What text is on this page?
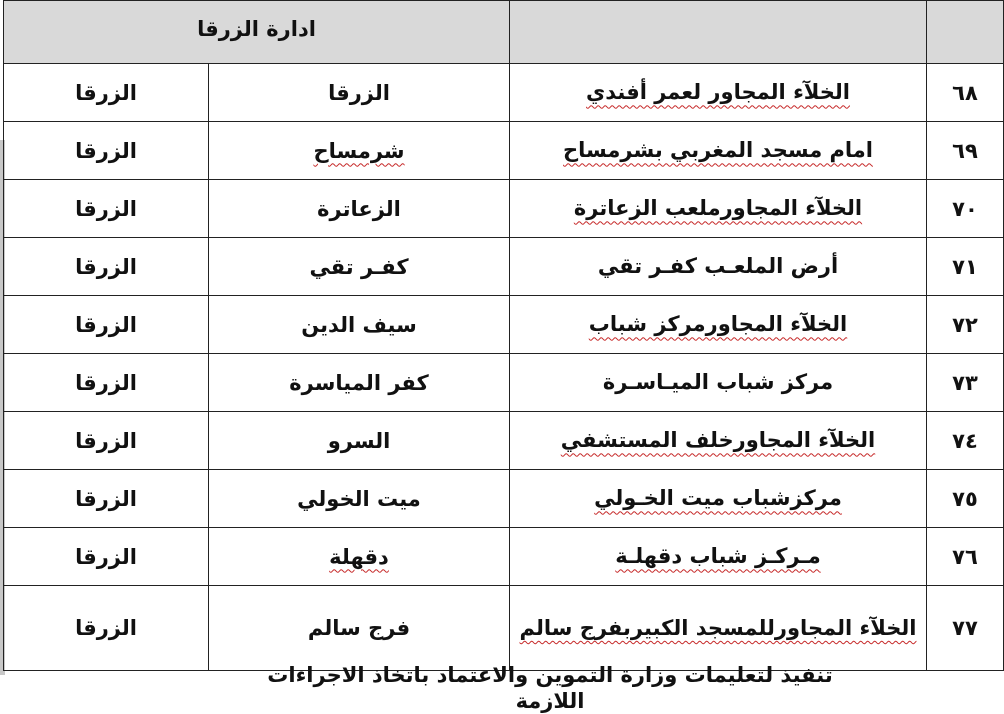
ادارة الزرقا			
الزرقا	الزرقا	الخلآء المجاور لعمر أفندي	٦٨
الزرقا	شرمساح	امام مسجد المغربي بشرمساح	٦٩
الزرقا	الزعاترة	الخلآء المجاورملعب الزعاترة	٧٠
الزرقا	كفـر تقي	أرض الملعـب كفـر تقي	٧١
الزرقا	سيف الدين	الخلآء المجاورمركز شباب	٧٢
الزرقا	كفر المياسرة	مركز شباب الميـاسـرة	٧٣
الزرقا	السرو	الخلآء المجاورخلف المستشفي	٧٤
الزرقا	ميت الخولي	مركزشباب ميت الخـولي	٧٥
الزرقا	دقهلة	مـركـز شباب دقهلـة	٧٦
الزرقا	فرج سالم	الخلآء المجاورللمسجد الكبيربفرج سالم	٧٧
تنفيذ لتعليمات وزارة التموين والاعتماد باتخاذ الاجراءات اللازمة
